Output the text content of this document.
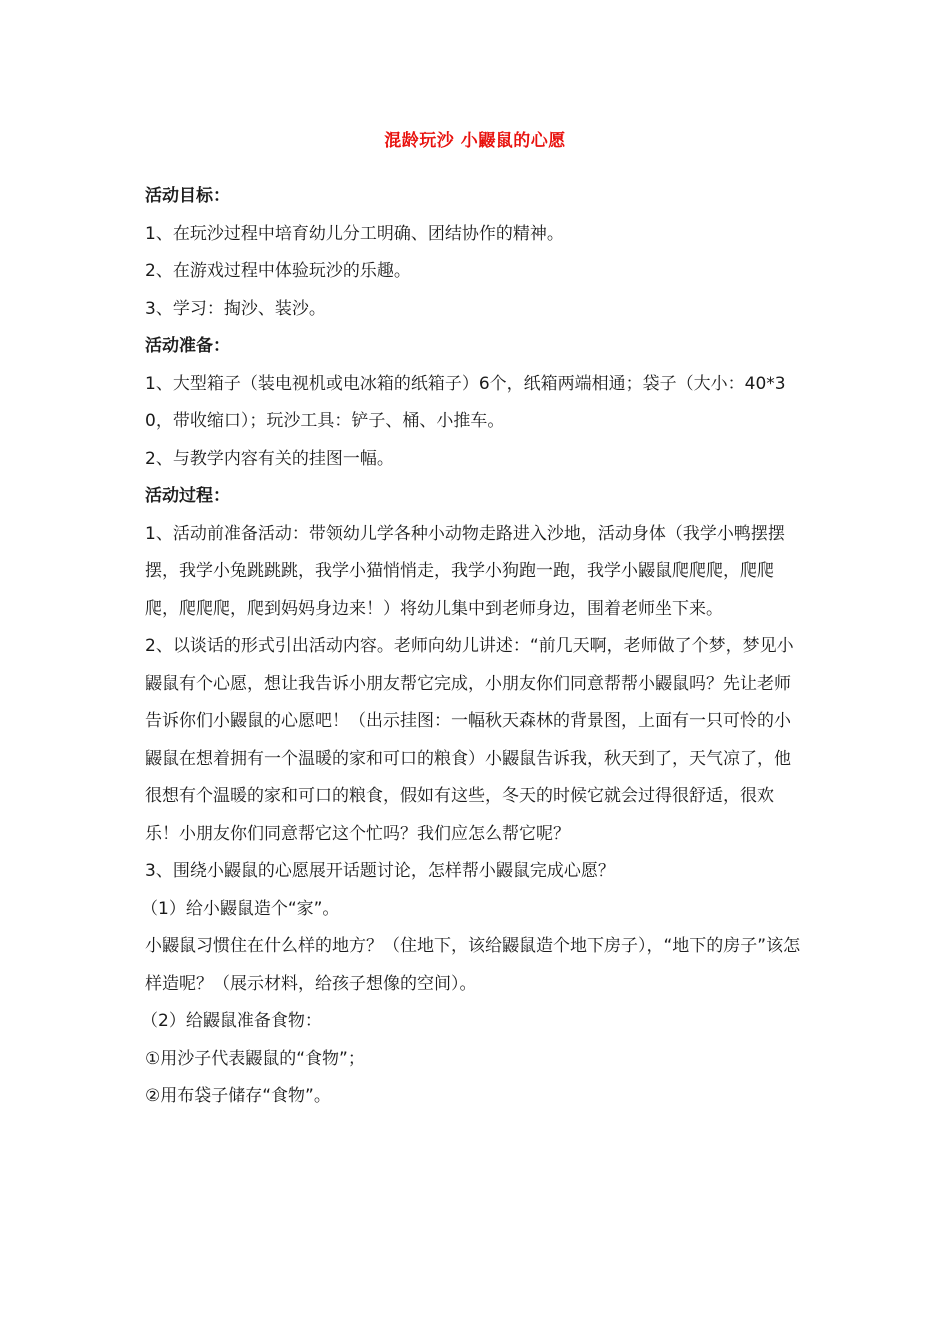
混龄玩沙 小鼹鼠的心愿

活动目标：

1、在玩沙过程中培育幼儿分工明确、团结协作的精神。

2、在游戏过程中体验玩沙的乐趣。

3、学习：掏沙、装沙。

活动准备：

1、大型箱子（装电视机或电冰箱的纸箱子）6个，纸箱两端相通；袋子（大小：40*30，带收缩口）；玩沙工具：铲子、桶、小推车。

2、与教学内容有关的挂图一幅。

活动过程：

1、活动前准备活动：带领幼儿学各种小动物走路进入沙地，活动身体（我学小鸭摆摆摆，我学小兔跳跳跳，我学小猫悄悄走，我学小狗跑一跑，我学小鼹鼠爬爬爬，爬爬爬，爬爬爬，爬到妈妈身边来！）将幼儿集中到老师身边，围着老师坐下来。

2、以谈话的形式引出活动内容。老师向幼儿讲述：“前几天啊，老师做了个梦，梦见小鼹鼠有个心愿，想让我告诉小朋友帮它完成，小朋友你们同意帮帮小鼹鼠吗？先让老师告诉你们小鼹鼠的心愿吧！（出示挂图：一幅秋天森林的背景图，上面有一只可怜的小鼹鼠在想着拥有一个温暖的家和可口的粮食）小鼹鼠告诉我，秋天到了，天气凉了，他很想有个温暖的家和可口的粮食，假如有这些，冬天的时候它就会过得很舒适，很欢乐！小朋友你们同意帮它这个忙吗？我们应怎么帮它呢？

3、围绕小鼹鼠的心愿展开话题讨论，怎样帮小鼹鼠完成心愿？

（1）给小鼹鼠造个“家”。

小鼹鼠习惯住在什么样的地方？（住地下，该给鼹鼠造个地下房子），“地下的房子”该怎样造呢？（展示材料，给孩子想像的空间）。

（2）给鼹鼠准备食物：

①用沙子代表鼹鼠的“食物”；

②用布袋子储存“食物”。
